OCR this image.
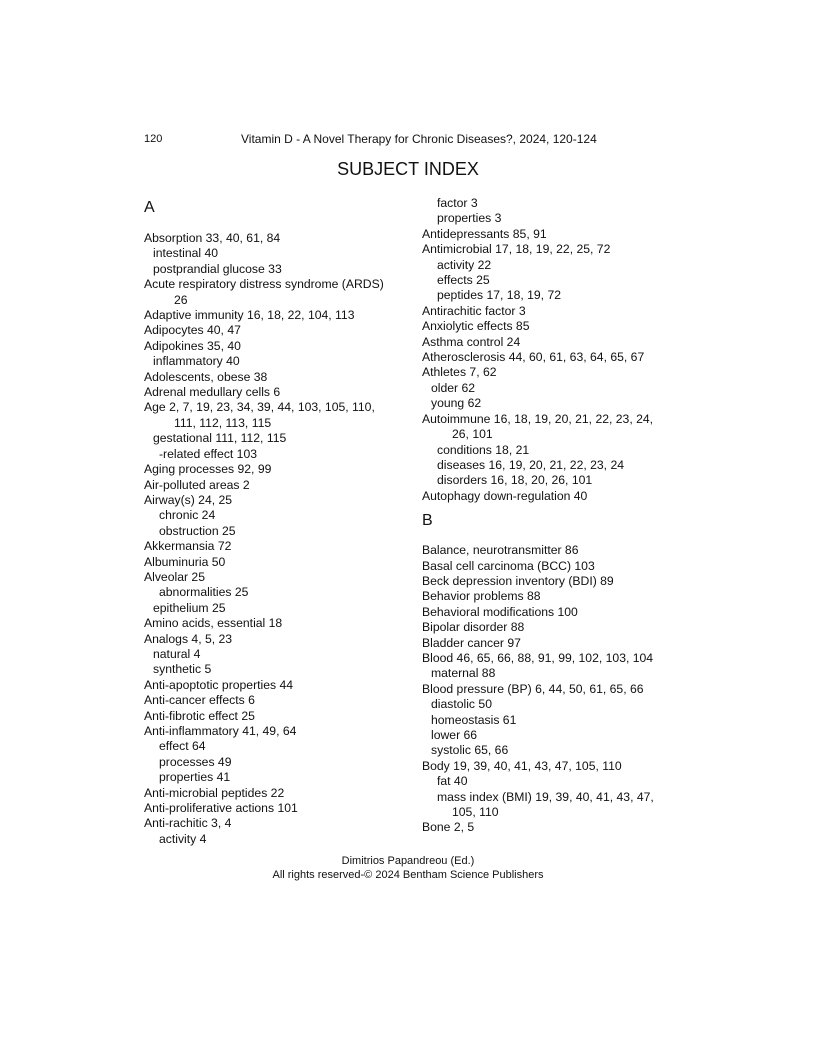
120	Vitamin D - A Novel Therapy for Chronic Diseases?, 2024, 120-124
SUBJECT INDEX
A
Absorption 33, 40, 61, 84
intestinal 40
postprandial glucose 33
Acute respiratory distress syndrome (ARDS)
26
Adaptive immunity 16, 18, 22, 104, 113
Adipocytes 40, 47
Adipokines 35, 40
inflammatory 40
Adolescents, obese 38
Adrenal medullary cells 6
Age 2, 7, 19, 23, 34, 39, 44, 103, 105, 110,
111, 112, 113, 115
gestational 111, 112, 115
-related effect 103
Aging processes 92, 99
Air-polluted areas 2
Airway(s) 24, 25
chronic 24
obstruction 25
Akkermansia 72
Albuminuria 50
Alveolar 25
abnormalities 25
epithelium 25
Amino acids, essential 18
Analogs 4, 5, 23
natural 4
synthetic 5
Anti-apoptotic properties 44
Anti-cancer effects 6
Anti-fibrotic effect 25
Anti-inflammatory 41, 49, 64
effect 64
processes 49
properties 41
Anti-microbial peptides 22
Anti-proliferative actions 101
Anti-rachitic 3, 4
activity 4
factor 3
properties 3
Antidepressants 85, 91
Antimicrobial 17, 18, 19, 22, 25, 72
activity 22
effects 25
peptides 17, 18, 19, 72
Antirachitic factor 3
Anxiolytic effects 85
Asthma control 24
Atherosclerosis 44, 60, 61, 63, 64, 65, 67
Athletes 7, 62
older 62
young 62
Autoimmune 16, 18, 19, 20, 21, 22, 23, 24,
26, 101
conditions 18, 21
diseases 16, 19, 20, 21, 22, 23, 24
disorders 16, 18, 20, 26, 101
Autophagy down-regulation 40
B
Balance, neurotransmitter 86
Basal cell carcinoma (BCC) 103
Beck depression inventory (BDI) 89
Behavior problems 88
Behavioral modifications 100
Bipolar disorder 88
Bladder cancer 97
Blood 46, 65, 66, 88, 91, 99, 102, 103, 104
maternal 88
Blood pressure (BP) 6, 44, 50, 61, 65, 66
diastolic 50
homeostasis 61
lower 66
systolic 65, 66
Body 19, 39, 40, 41, 43, 47, 105, 110
fat 40
mass index (BMI) 19, 39, 40, 41, 43, 47,
105, 110
Bone 2, 5
Dimitrios Papandreou (Ed.)
All rights reserved-© 2024 Bentham Science Publishers
